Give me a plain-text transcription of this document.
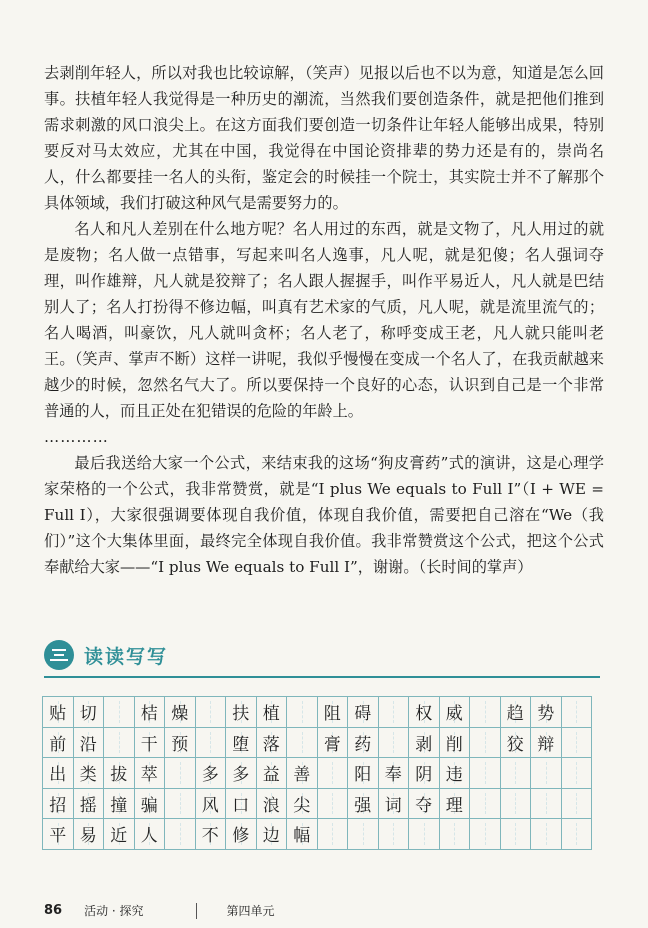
去剥削年轻人，所以对我也比较谅解，（笑声）见报以后也不以为意，知道是怎么回事。扶植年轻人我觉得是一种历史的潮流，当然我们要创造条件，就是把他们推到需求刺激的风口浪尖上。在这方面我们要创造一切条件让年轻人能够出成果，特别要反对马太效应，尤其在中国，我觉得在中国论资排辈的势力还是有的，崇尚名人，什么都要挂一名人的头衔，鉴定会的时候挂一个院士，其实院士并不了解那个具体领域，我们打破这种风气是需要努力的。

名人和凡人差别在什么地方呢？名人用过的东西，就是文物了，凡人用过的就是废物；名人做一点错事，写起来叫名人逸事，凡人呢，就是犯傻；名人强词夺理，叫作雄辩，凡人就是狡辩了；名人跟人握握手，叫作平易近人，凡人就是巴结别人了；名人打扮得不修边幅，叫真有艺术家的气质，凡人呢，就是流里流气的；名人喝酒，叫豪饮，凡人就叫贪杯；名人老了，称呼变成王老，凡人就只能叫老王。（笑声、掌声不断）这样一讲呢，我似乎慢慢在变成一个名人了，在我贡献越来越少的时候，忽然名气大了。所以要保持一个良好的心态，认识到自己是一个非常普通的人，而且正处在犯错误的危险的年龄上。

…………

最后我送给大家一个公式，来结束我的这场“狗皮膏药”式的演讲，这是心理学家荣格的一个公式，我非常赞赏，就是“I plus We equals to Full I”（I + WE = Full I），大家很强调要体现自我价值，体现自我价值，需要把自己溶在“We（我们）”这个大集体里面，最终完全体现自我价值。我非常赞赏这个公式，把这个公式奉献给大家——“I plus We equals to Full I”，谢谢。（长时间的掌声）

读读写写
贴 切	桔 燥	扶 植	阻 碍	权 威	趋 势
前 沿	干 预	堕 落	膏 药	剥 削	狡 辩
出 类 拔 萃	多 多 益 善	阳 奉 阴 违
招 摇 撞 骗	风 口 浪 尖	强 词 夺 理
平 易 近 人	不 修 边 幅
86 活动 · 探究	第四单元
